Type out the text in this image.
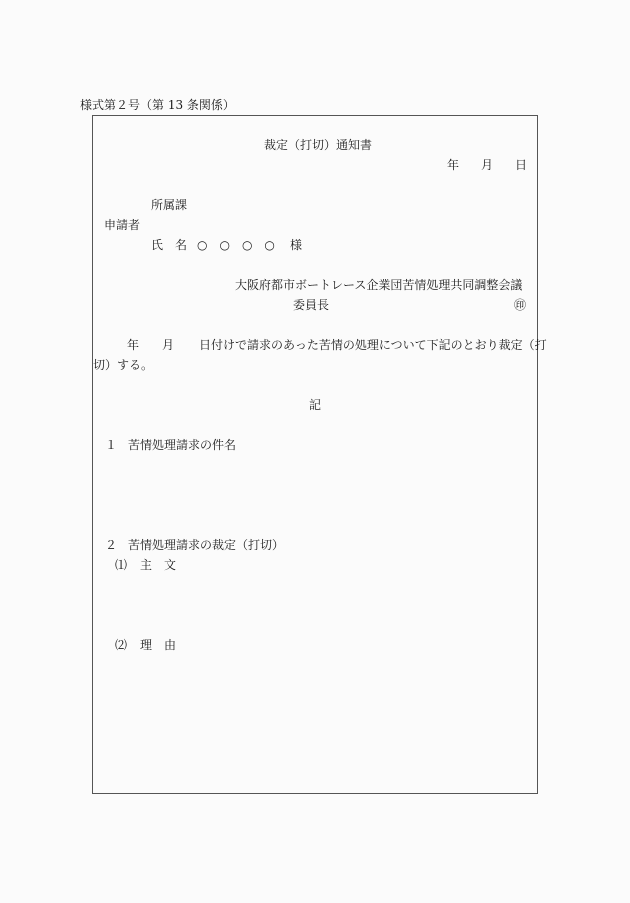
様式第２号（第 13 条関係）
裁定（打切）通知書
年 月 日
所属課
申請者
氏　名 ○　○　○　○ 様
大阪府都市ボートレース企業団苦情処理共同調整会議
委員長	㊞
年 月 日付けで請求のあった苦情の処理について下記のとおり裁定（打
切）する。
記
１ 苦情処理請求の件名
２ 苦情処理請求の裁定（打切）
⑴ 主　文
⑵ 理　由
